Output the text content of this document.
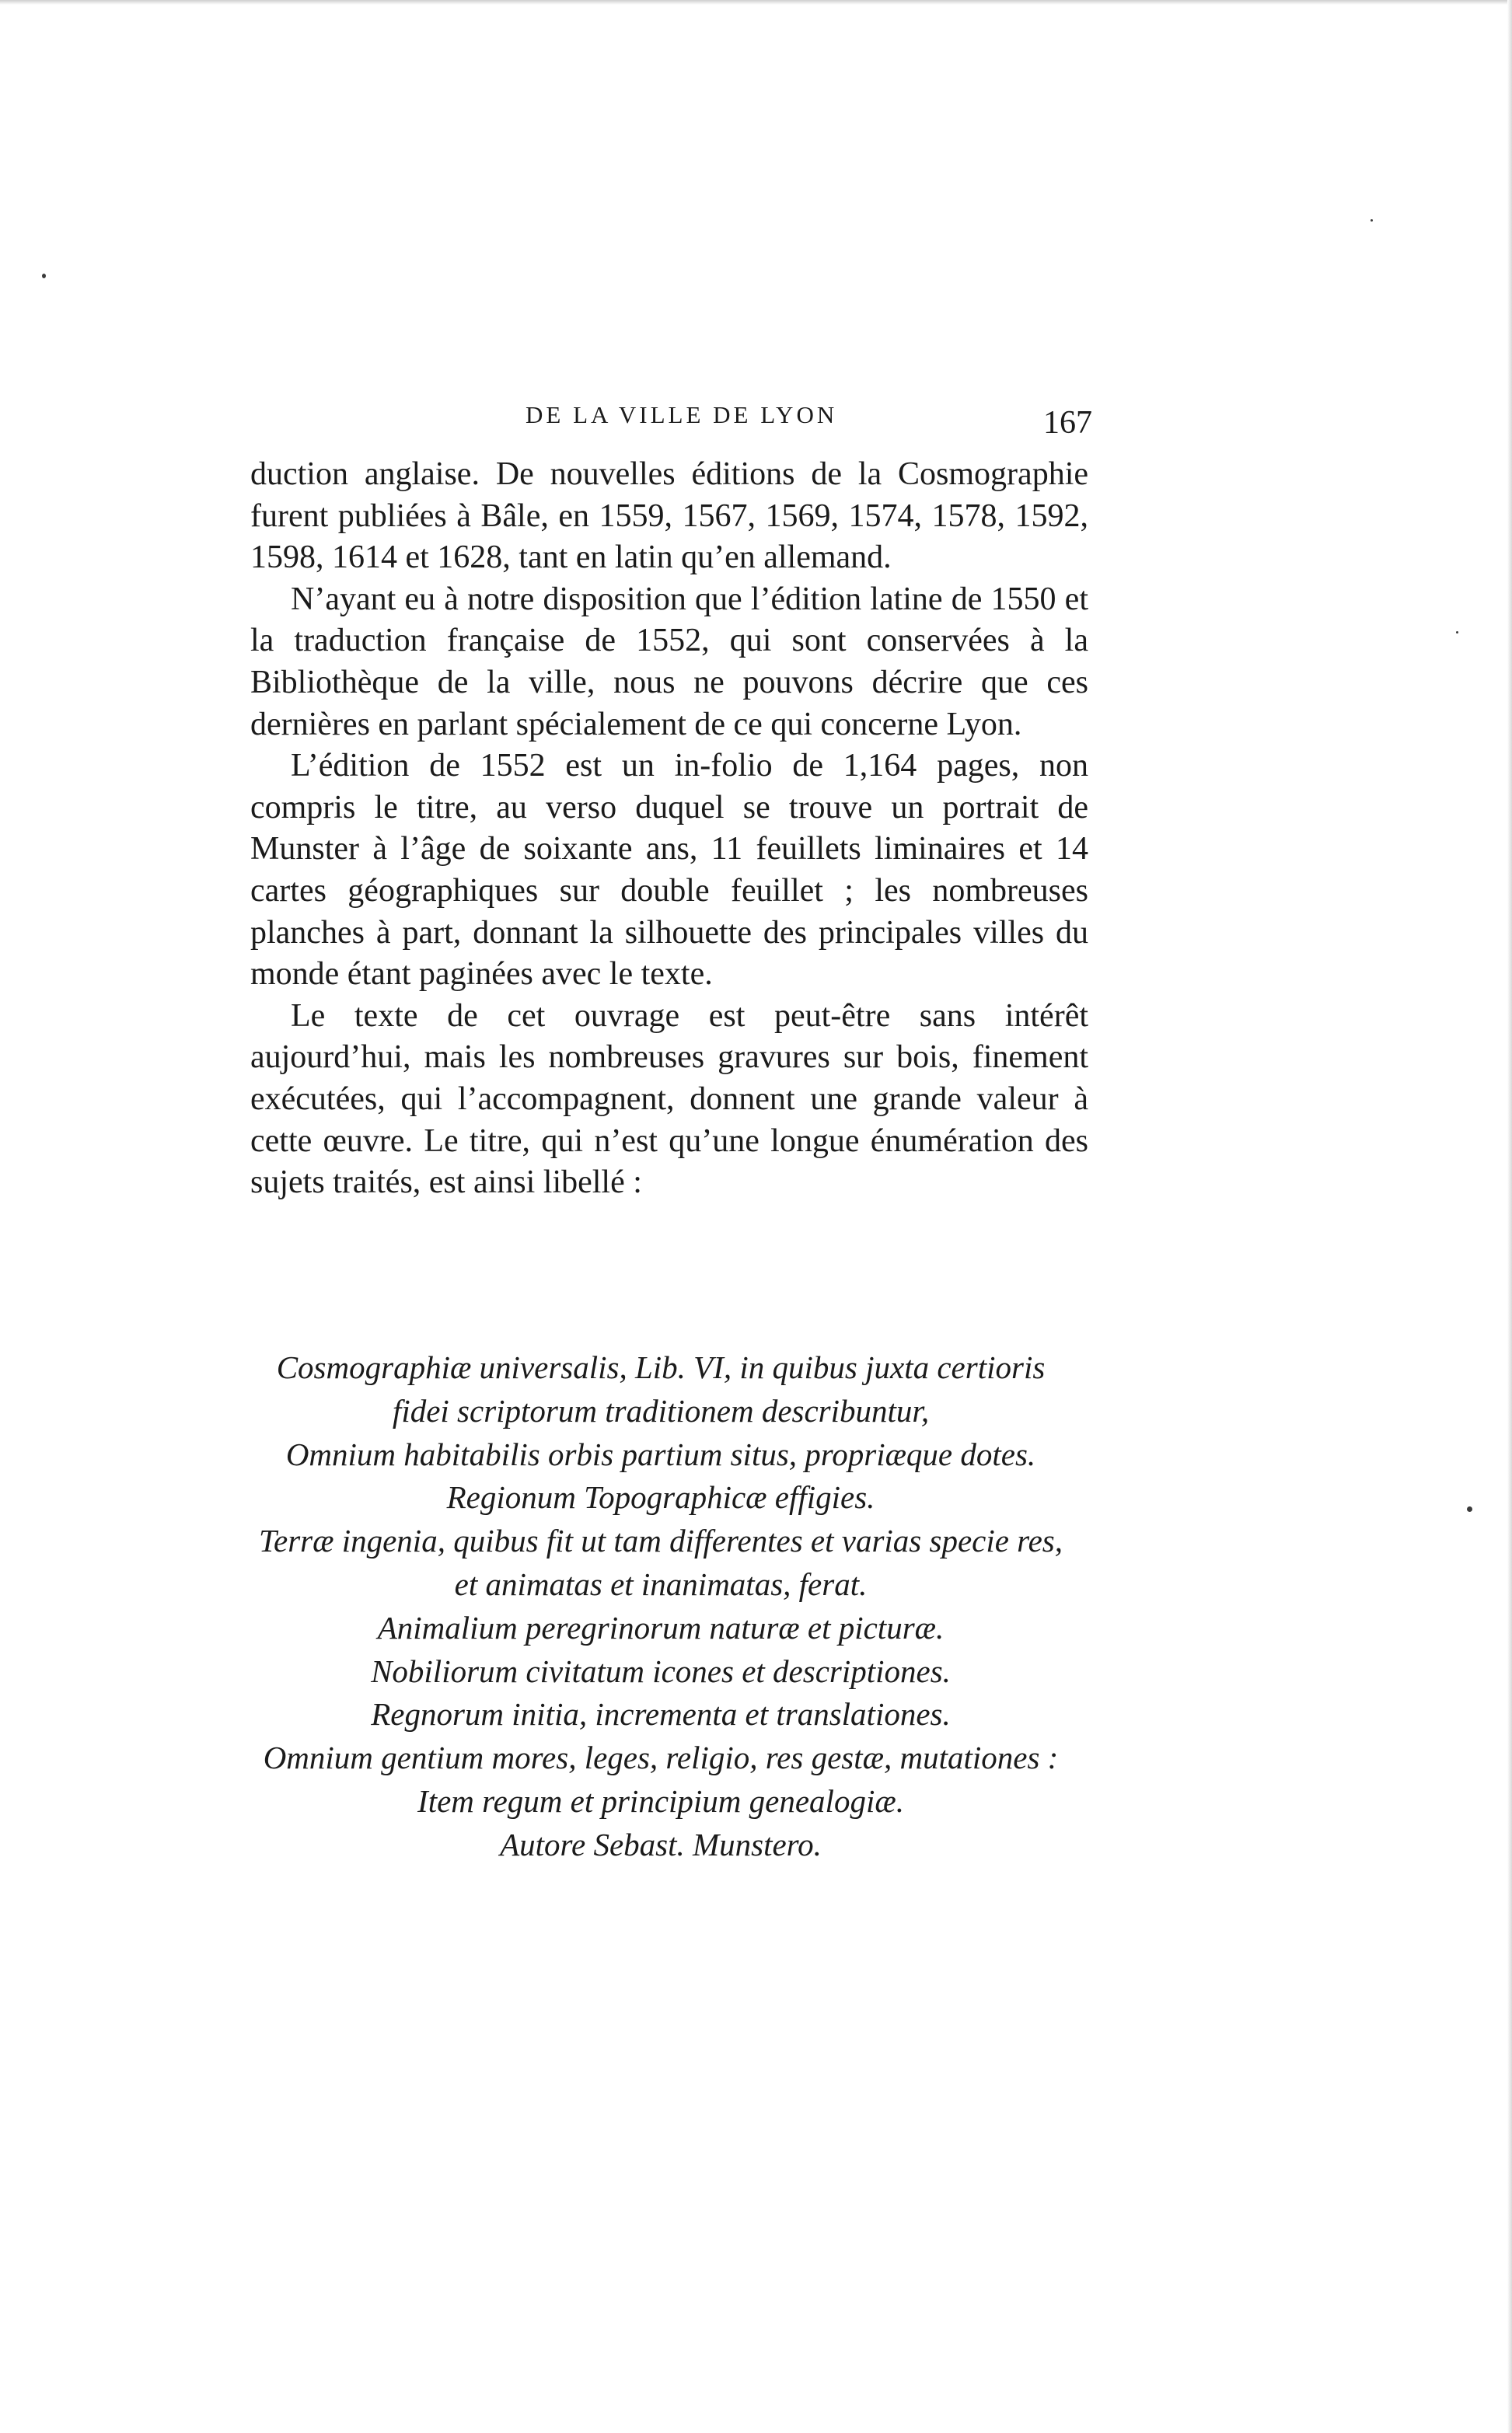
DE LA VILLE DE LYON	167

duction anglaise. De nouvelles éditions de la Cosmographie furent publiées à Bâle, en 1559, 1567, 1569, 1574, 1578, 1592, 1598, 1614 et 1628, tant en latin qu’en allemand.

N’ayant eu à notre disposition que l’édition latine de 1550 et la traduction française de 1552, qui sont conservées à la Bibliothèque de la ville, nous ne pouvons décrire que ces dernières en parlant spécialement de ce qui concerne Lyon.

L’édition de 1552 est un in-folio de 1,164 pages, non compris le titre, au verso duquel se trouve un portrait de Munster à l’âge de soixante ans, 11 feuillets liminaires et 14 cartes géographiques sur double feuillet ; les nombreuses planches à part, donnant la silhouette des principales villes du monde étant paginées avec le texte.

Le texte de cet ouvrage est peut-être sans intérêt aujourd’hui, mais les nombreuses gravures sur bois, finement exécutées, qui l’accompagnent, donnent une grande valeur à cette œuvre. Le titre, qui n’est qu’une longue énumération des sujets traités, est ainsi libellé :

Cosmographiæ universalis, Lib. VI, in quibus juxta certioris
fidei scriptorum traditionem describuntur,
Omnium habitabilis orbis partium situs, propriæque dotes.
Regionum Topographicæ effigies.
Terræ ingenia, quibus fit ut tam differentes et varias specie res,
et animatas et inanimatas, ferat.
Animalium peregrinorum naturæ et picturæ.
Nobiliorum civitatum icones et descriptiones.
Regnorum initia, incrementa et translationes.
Omnium gentium mores, leges, religio, res gestæ, mutationes :
Item regum et principium genealogiæ.
Autore Sebast. Munstero.
